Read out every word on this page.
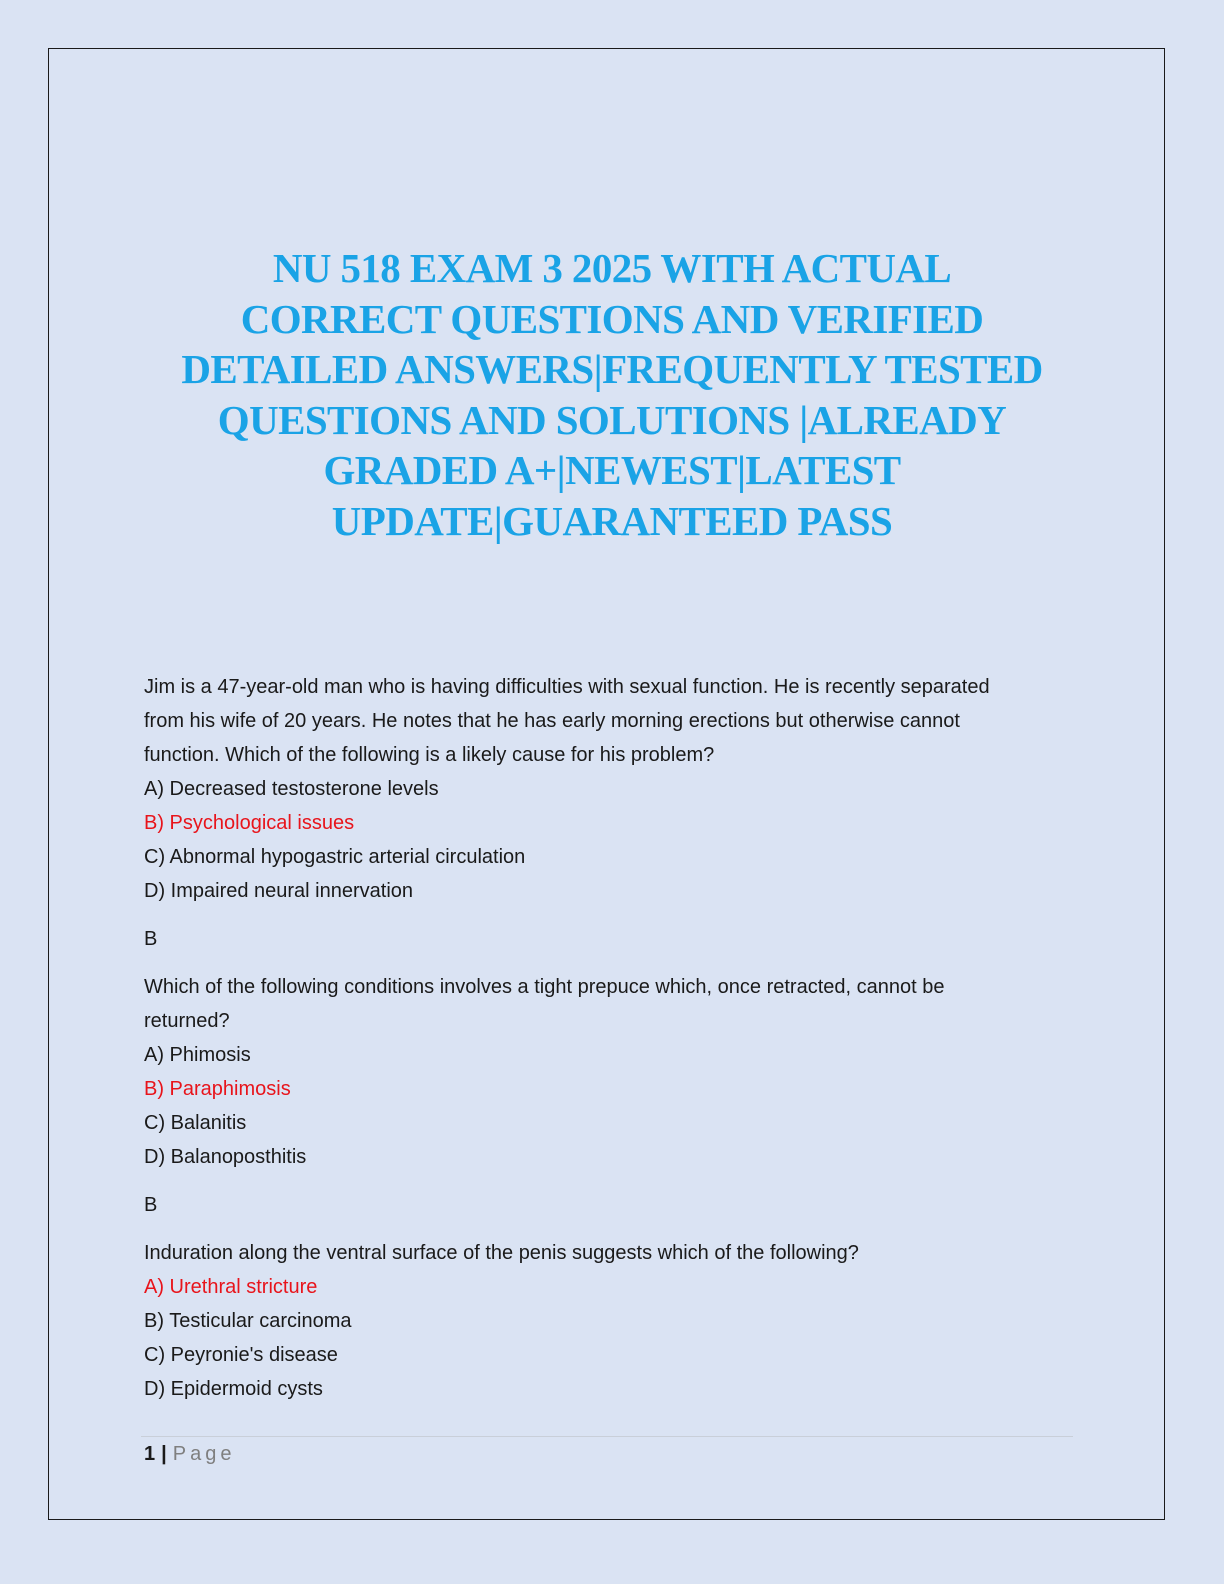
NU 518 EXAM 3 2025 WITH ACTUAL
CORRECT QUESTIONS AND VERIFIED
DETAILED ANSWERS|FREQUENTLY TESTED
QUESTIONS AND SOLUTIONS |ALREADY
GRADED A+|NEWEST|LATEST
UPDATE|GUARANTEED PASS

Jim is a 47-year-old man who is having difficulties with sexual function. He is recently separated

from his wife of 20 years. He notes that he has early morning erections but otherwise cannot

function. Which of the following is a likely cause for his problem?

A) Decreased testosterone levels

B) Psychological issues

C) Abnormal hypogastric arterial circulation

D) Impaired neural innervation

B

Which of the following conditions involves a tight prepuce which, once retracted, cannot be

returned?

A) Phimosis

B) Paraphimosis

C) Balanitis

D) Balanoposthitis

B

Induration along the ventral surface of the penis suggests which of the following?

A) Urethral stricture

B) Testicular carcinoma

C) Peyronie's disease

D) Epidermoid cysts

1 | Page
